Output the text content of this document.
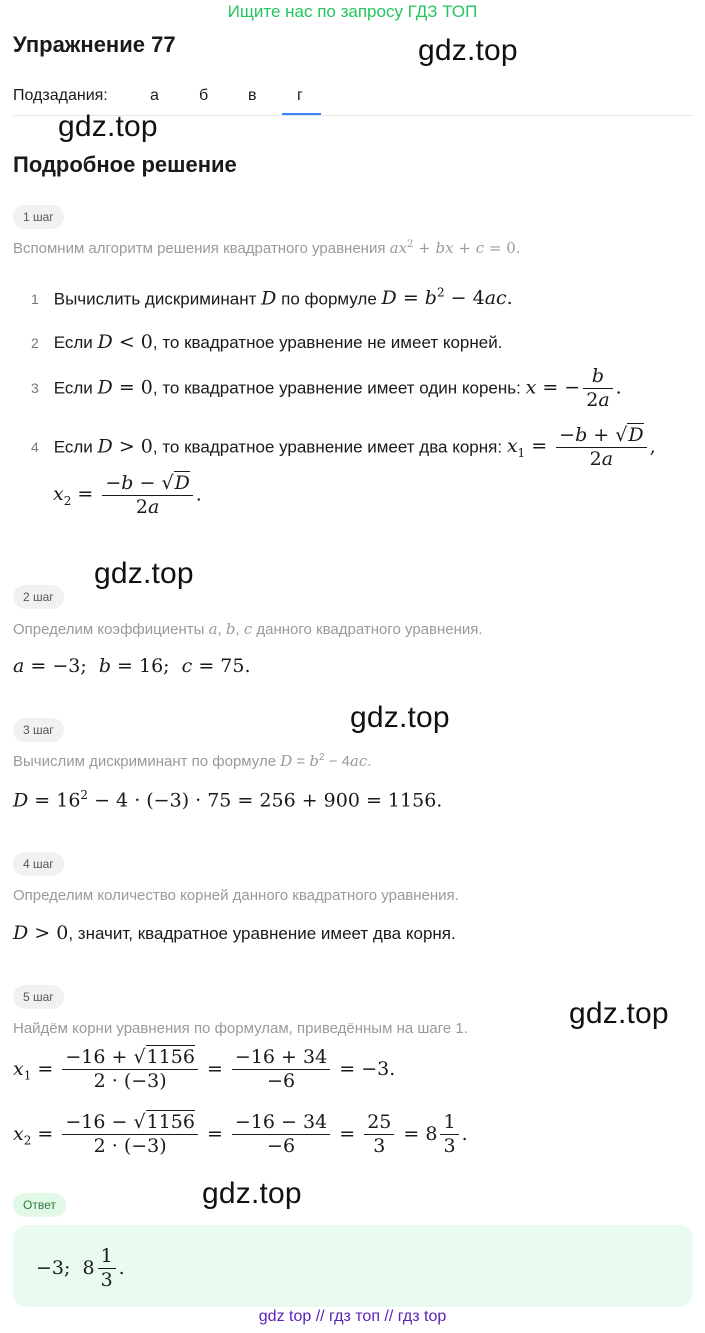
Ищите нас по запросу ГДЗ ТОП
Упражнение 77	gdz.top
Подзадания:	а	б в	г
gdz.top
Подробное решение
1 шаг
Вспомним алгоритм решения квадратного уравнения $ax^2$ + bx + c = 0.
1 Вычислить дискриминант D по формуле $D = b^2 - 4ac$.
2 Если D < 0, то квадратное уравнение не имеет корней.
3 Если D = 0, то квадратное уравнение имеет один корень: x = − $\frac{b}{2a}$ .
4 Если D > 0, то квадратное уравнение имеет два корня: $x_1 = \frac{-b + √D}{2a}$ ,
$x_2 = \frac{-b - √D}{2a}$ .
gdz.top
2 шаг
Определим коэффициенты a, b, c данного квадратного уравнения.
a = −3;  b = 16;  c = 75.
gdz.top
3 шаг
Вычислим дискриминант по формуле $D = b^2 - 4ac$.
$D = 16^2 - 4 \cdot (-3) \cdot 75 = 256 + 900 = 1156$.
4 шаг
Определим количество корней данного квадратного уравнения.
D > 0, значит, квадратное уравнение имеет два корня.
5 шаг	gdz.top
Найдём корни уравнения по формулам, приведённым на шаге 1.
$x_1 = \frac{-16 + √1156}{2 \cdot (-3)} = \frac{-16 + 34}{-6} = -3$.
$x_2 = \frac{-16 - √1156}{2 \cdot (-3)} = \frac{-16 - 34}{-6} = \frac{25}{3} = 8 \frac{1}{3}$ .
gdz.top
Ответ
−3;  $8 \frac{1}{3}$ .
gdz top // гдз топ // гдз top
